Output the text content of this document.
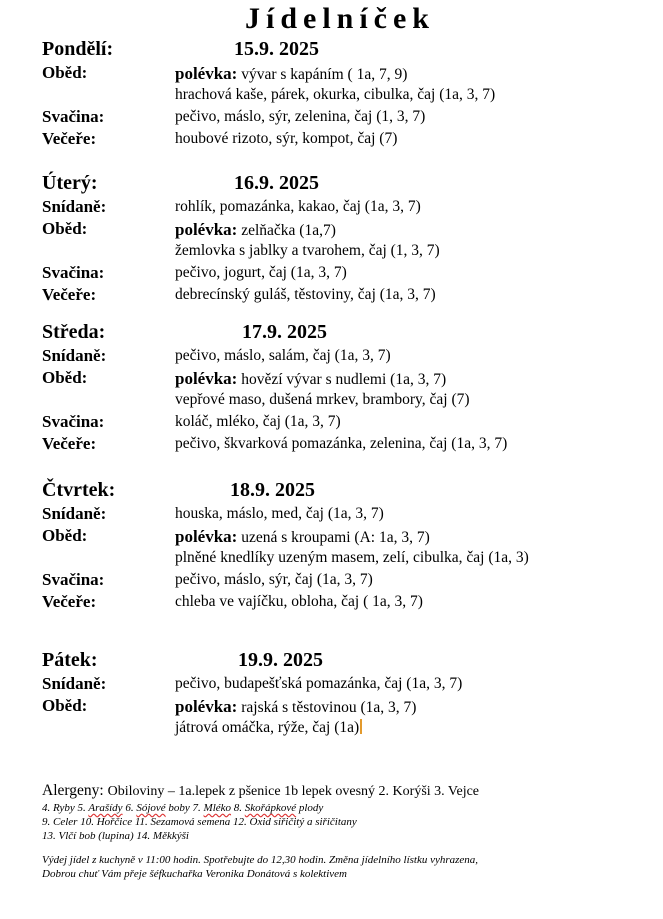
Jídelníček
Pondělí:	15.9. 2025
Oběd:	polévka: vývar s kapáním ( 1a, 7, 9)
hrachová kaše, párek, okurka, cibulka, čaj (1a, 3, 7)
Svačina:	pečivo, máslo, sýr, zelenina, čaj (1, 3, 7)
Večeře:	houbové rizoto, sýr, kompot, čaj (7)
Úterý:	16.9. 2025
Snídaně:	rohlík, pomazánka, kakao, čaj (1a, 3, 7)
Oběd:	polévka: zelňačka (1a,7)
žemlovka s jablky a tvarohem, čaj (1, 3, 7)
Svačina:	pečivo, jogurt, čaj (1a, 3, 7)
Večeře:	debrecínský guláš, těstoviny, čaj (1a, 3, 7)
Středa:	17.9. 2025
Snídaně:	pečivo, máslo, salám, čaj (1a, 3, 7)
Oběd:	polévka: hovězí vývar s nudlemi (1a, 3, 7)
vepřové maso, dušená mrkev, brambory, čaj (7)
Svačina:	koláč, mléko, čaj (1a, 3, 7)
Večeře:	pečivo, škvarková pomazánka, zelenina, čaj (1a, 3, 7)
Čtvrtek:	18.9. 2025
Snídaně:	houska, máslo, med, čaj (1a, 3, 7)
Oběd:	polévka: uzená s kroupami (A: 1a, 3, 7)
plněné knedlíky uzeným masem, zelí, cibulka, čaj (1a, 3)
Svačina:	pečivo, máslo, sýr, čaj (1a, 3, 7)
Večeře:	chleba ve vajíčku, obloha, čaj ( 1a, 3, 7)
Pátek:	19.9. 2025
Snídaně:	pečivo, budapešťská pomazánka, čaj (1a, 3, 7)
Oběd:	polévka: rajská s těstovinou (1a, 3, 7)
játrová omáčka, rýže, čaj (1a)
Alergeny: Obiloviny – 1a.lepek z pšenice 1b lepek ovesný 2. Korýši 3. Vejce
4. Ryby 5. Arašídy 6. Sójové boby 7. Mléko 8. Skořápkové plody
9. Celer 10. Hořčice 11. Sezamová semena 12. Oxid siřičitý a siřičitany
13. Vlčí bob (lupina) 14. Měkkýši
Výdej jídel z kuchyně v 11:00 hodin. Spotřebujte do 12,30 hodin. Změna jídelního lístku vyhrazena,
Dobrou chuť Vám přeje šéfkuchařka Veronika Donátová s kolektivem
